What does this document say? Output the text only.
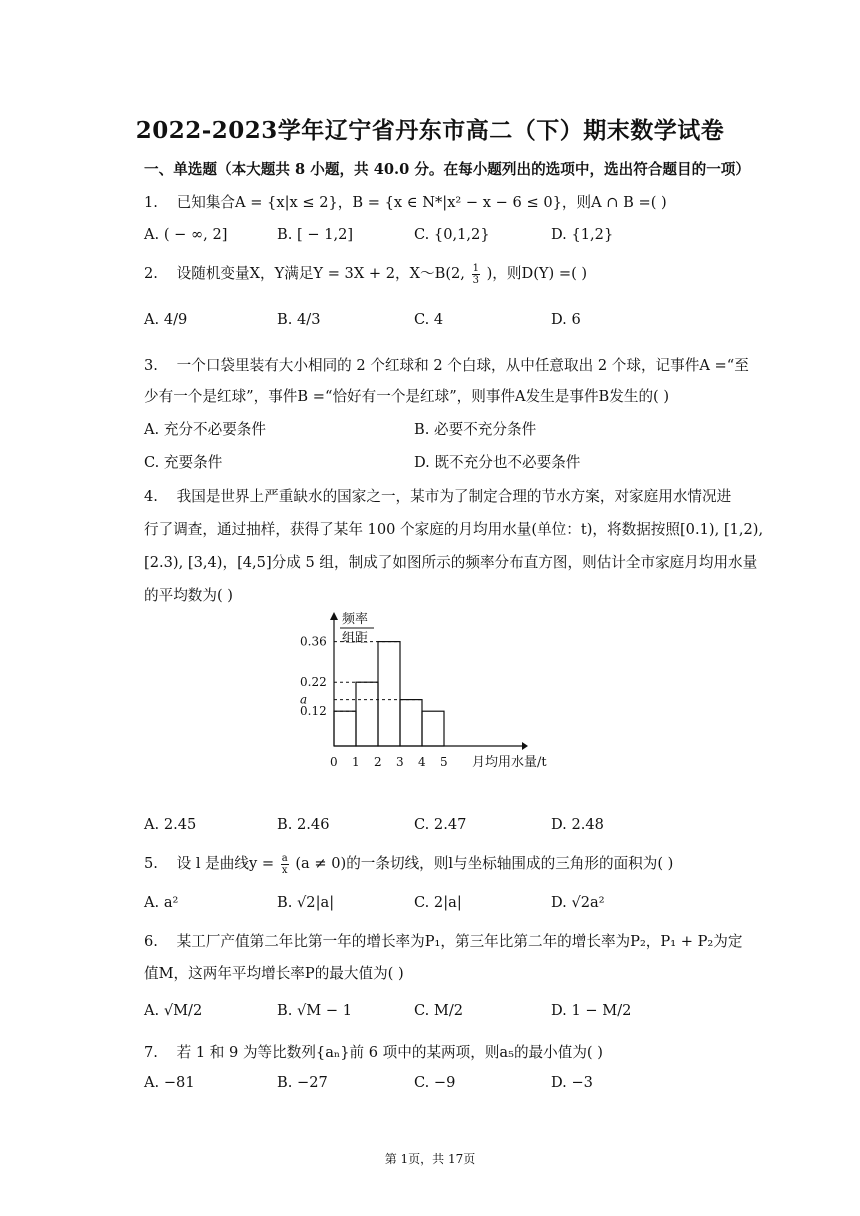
2022-2023学年辽宁省丹东市高二（下）期末数学试卷
一、单选题（本大题共 8 小题，共 40.0 分。在每小题列出的选项中，选出符合题目的一项）
1. 已知集合A = {x|x ≤ 2}，B = {x ∈ N*|x² − x − 6 ≤ 0}，则A ∩ B =( )
A. ( − ∞, 2]	B. [ − 1,2]	C. {0,1,2}	D. {1,2}
2. 设随机变量X，Y满足Y = 3X + 2，X～B(2, $\frac{1}{3}$ )，则D(Y) =( )
A. 4/9	B. 4/3	C. 4	D. 6
3. 一个口袋里装有大小相同的 2 个红球和 2 个白球，从中任意取出 2 个球，记事件A =“至
少有一个是红球”，事件B =“恰好有一个是红球”，则事件A发生是事件B发生的( )
A. 充分不必要条件	B. 必要不充分条件
C. 充要条件	D. 既不充分也不必要条件
4. 我国是世界上严重缺水的国家之一，某市为了制定合理的节水方案，对家庭用水情况进
行了调查，通过抽样，获得了某年 100 个家庭的月均用水量(单位：t)，将数据按照[0.1), [1,2),
[2.3), [3,4)，[4,5]分成 5 组，制成了如图所示的频率分布直方图，则估计全市家庭月均用水量
的平均数为( )
频率
组距
0.36
0.22
a
0.12
0 1 2 3 4 5 月均用水量/t
A. 2.45	B. 2.46	C. 2.47	D. 2.48
5. 设 l 是曲线$y = \frac{a}{x} (a \ne 0)$的一条切线，则l与坐标轴围成的三角形的面积为( )
A. a²	B. √2|a|	C. 2|a|	D. √2a²
6. 某工厂产值第二年比第一年的增长率为P₁，第三年比第二年的增长率为P₂，P₁ + P₂为定
值M，这两年平均增长率P的最大值为( )
A. √M/2	B. √M − 1	C. M/2	D. 1 − M/2
7. 若 1 和 9 为等比数列{aₙ}前 6 项中的某两项，则a₅的最小值为( )
A. −81	B. −27	C. −9	D. −3
第 1页，共 17页
